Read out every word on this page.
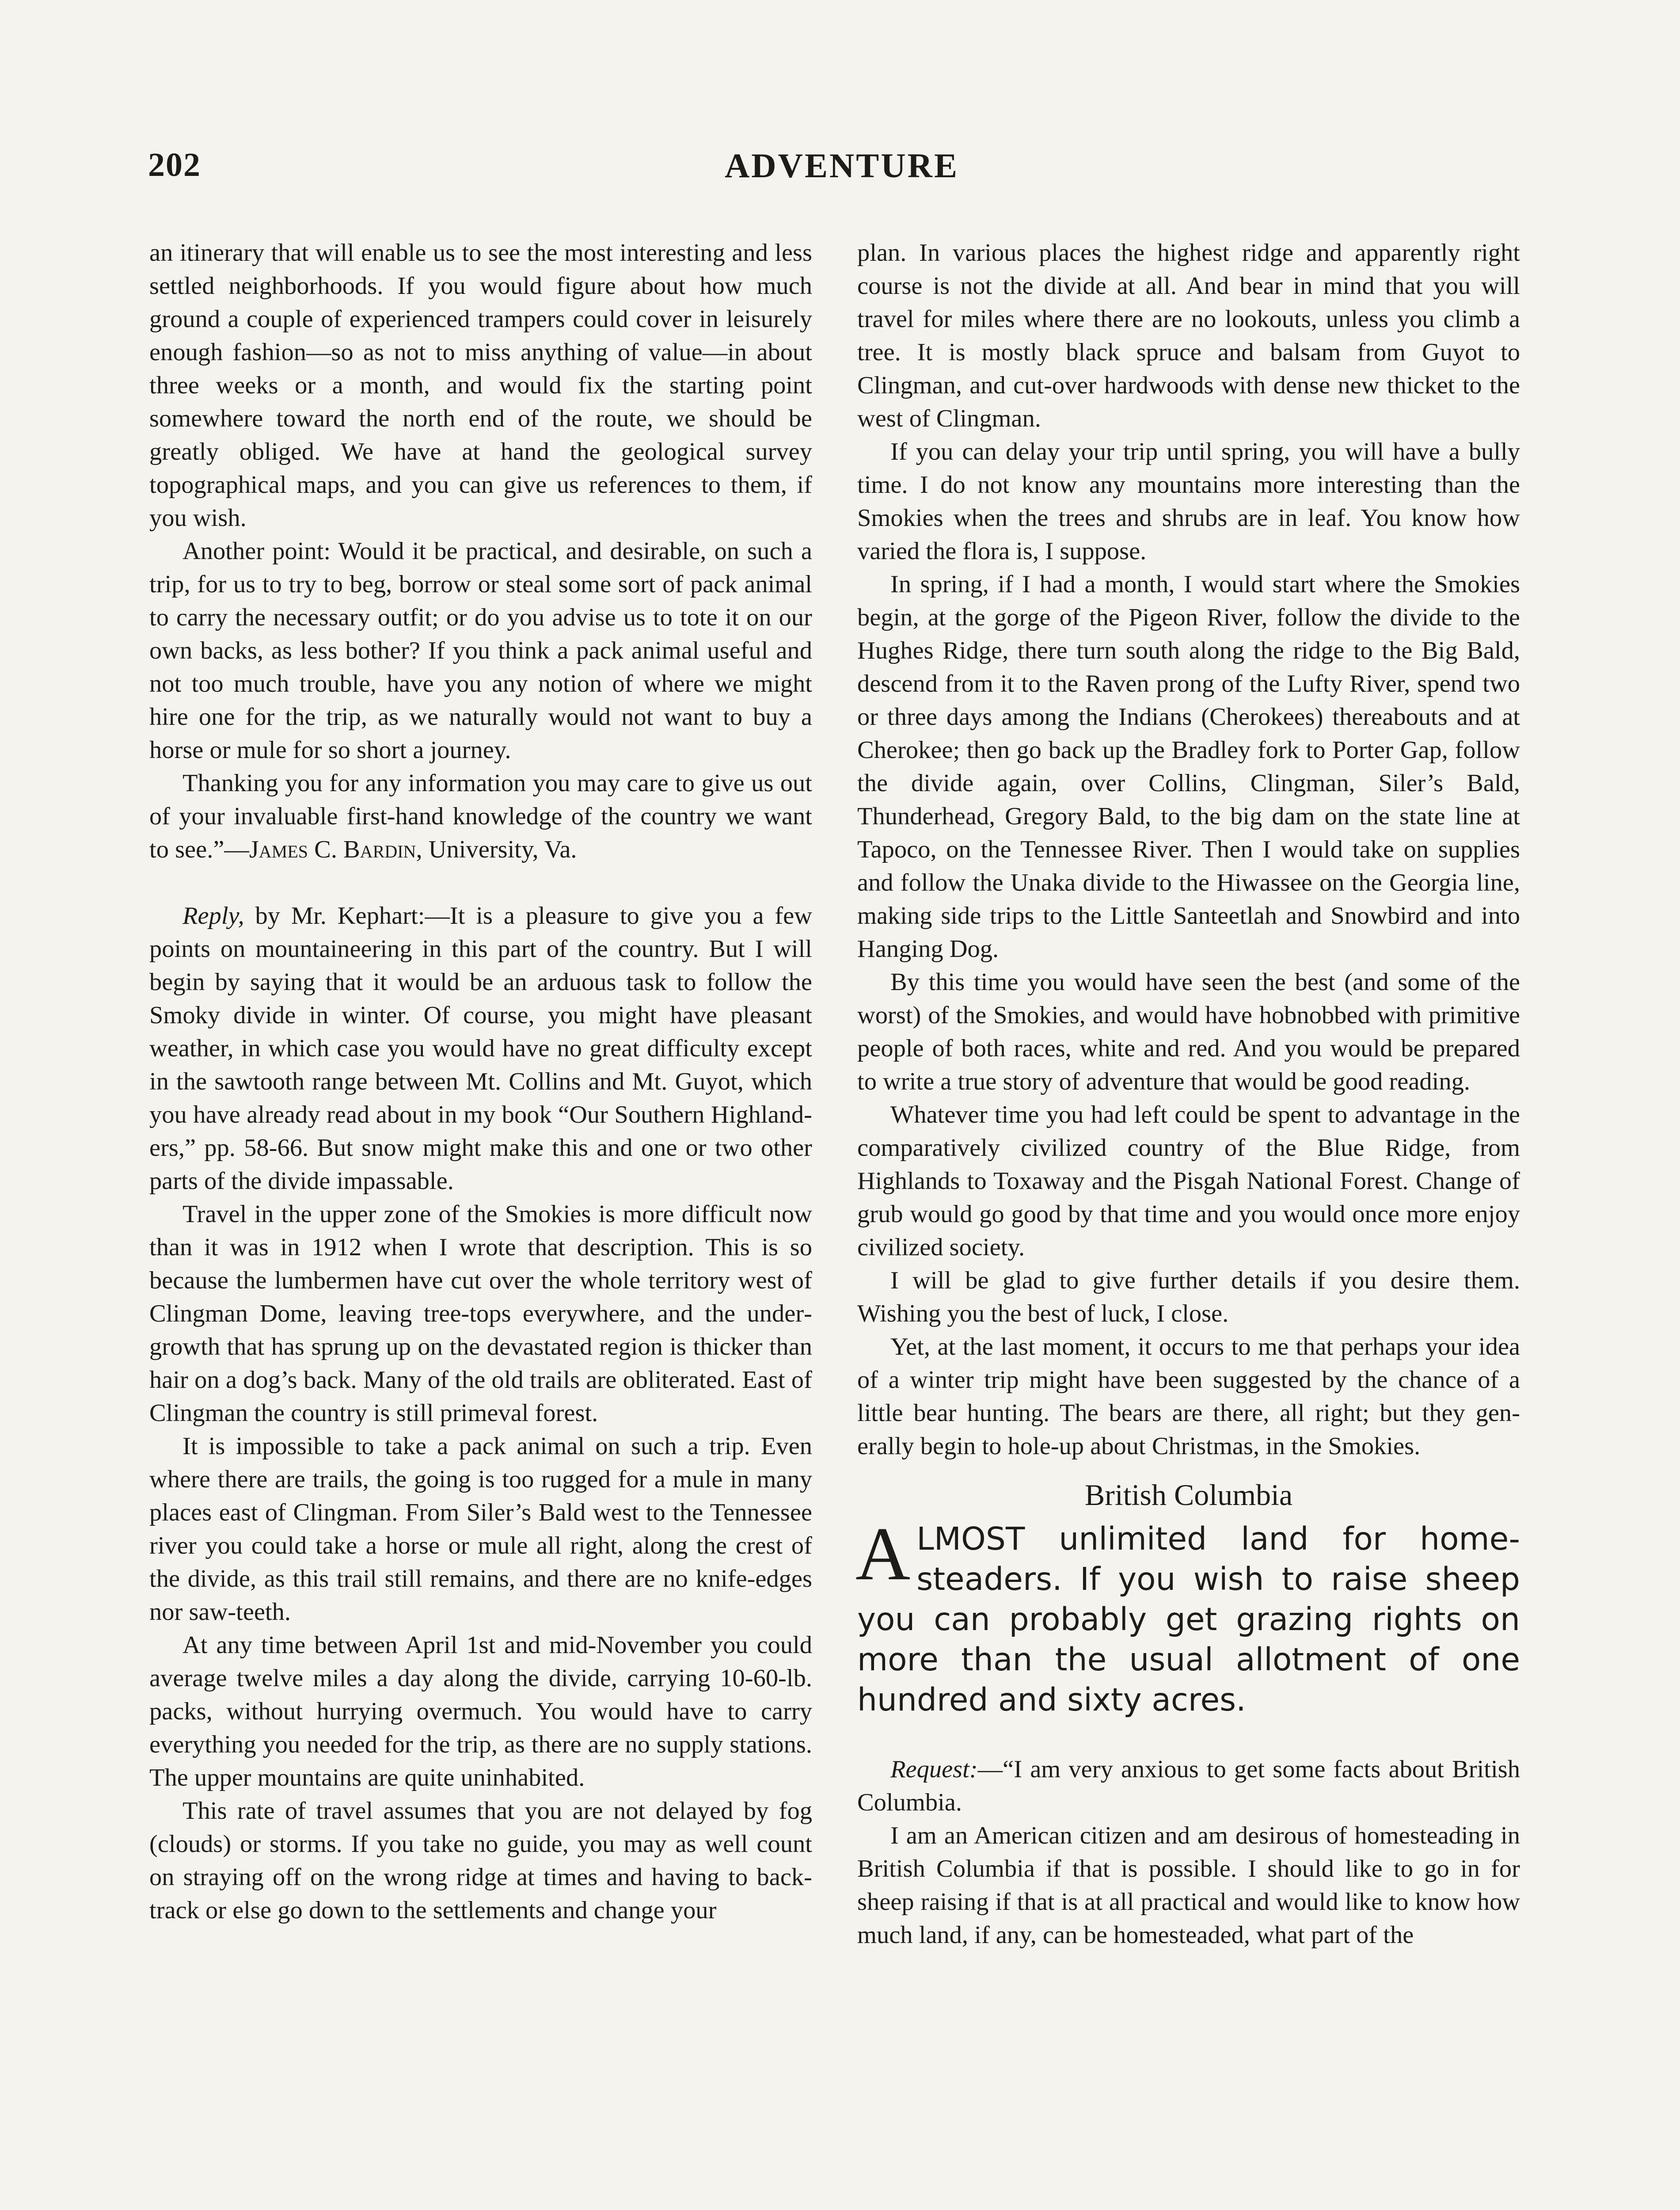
202	ADVENTURE

an itinerary that will enable us to see the most interesting and less settled neighborhoods. If you would figure about how much ground a couple of experienced trampers could cover in leisurely enough fashion—so as not to miss anything of value—in about three weeks or a month, and would fix the starting point somewhere toward the north end of the route, we should be greatly obliged. We have at hand the geological survey topographical maps, and you can give us references to them, if you wish.

Another point: Would it be practical, and desirable, on such a trip, for us to try to beg, borrow or steal some sort of pack animal to carry the necessary outfit; or do you advise us to tote it on our own backs, as less bother? If you think a pack animal useful and not too much trouble, have you any notion of where we might hire one for the trip, as we naturally would not want to buy a horse or mule for so short a journey.

Thanking you for any information you may care to give us out of your invaluable first-hand knowledge of the country we want to see.”—James C. Bardin, University, Va.

Reply, by Mr. Kephart:—It is a pleasure to give you a few points on mountaineering in this part of the country. But I will begin by saying that it would be an arduous task to follow the Smoky divide in winter. Of course, you might have pleasant weather, in which case you would have no great difficulty except in the sawtooth range between Mt. Collins and Mt. Guyot, which you have already read about in my book “Our Southern Highlanders,” pp. 58-66. But snow might make this and one or two other parts of the divide impassable.

Travel in the upper zone of the Smokies is more difficult now than it was in 1912 when I wrote that description. This is so because the lumbermen have cut over the whole territory west of Clingman Dome, leaving tree-tops everywhere, and the undergrowth that has sprung up on the devastated region is thicker than hair on a dog’s back. Many of the old trails are obliterated. East of Clingman the country is still primeval forest.

It is impossible to take a pack animal on such a trip. Even where there are trails, the going is too rugged for a mule in many places east of Clingman. From Siler’s Bald west to the Tennessee river you could take a horse or mule all right, along the crest of the divide, as this trail still remains, and there are no knife-edges nor saw-teeth.

At any time between April 1st and mid-November you could average twelve miles a day along the divide, carrying 10-60-lb. packs, without hurrying overmuch. You would have to carry everything you needed for the trip, as there are no supply stations. The upper mountains are quite uninhabited.

This rate of travel assumes that you are not delayed by fog (clouds) or storms. If you take no guide, you may as well count on straying off on the wrong ridge at times and having to back-track or else go down to the settlements and change your

plan. In various places the highest ridge and apparently right course is not the divide at all. And bear in mind that you will travel for miles where there are no lookouts, unless you climb a tree. It is mostly black spruce and balsam from Guyot to Clingman, and cut-over hardwoods with dense new thicket to the west of Clingman.

If you can delay your trip until spring, you will have a bully time. I do not know any mountains more interesting than the Smokies when the trees and shrubs are in leaf. You know how varied the flora is, I suppose.

In spring, if I had a month, I would start where the Smokies begin, at the gorge of the Pigeon River, follow the divide to the Hughes Ridge, there turn south along the ridge to the Big Bald, descend from it to the Raven prong of the Lufty River, spend two or three days among the Indians (Cherokees) thereabouts and at Cherokee; then go back up the Bradley fork to Porter Gap, follow the divide again, over Collins, Clingman, Siler’s Bald, Thunderhead, Gregory Bald, to the big dam on the state line at Tapoco, on the Tennessee River. Then I would take on supplies and follow the Unaka divide to the Hiwassee on the Georgia line, making side trips to the Little Santeetlah and Snowbird and into Hanging Dog.

By this time you would have seen the best (and some of the worst) of the Smokies, and would have hobnobbed with primitive people of both races, white and red. And you would be prepared to write a true story of adventure that would be good reading.

Whatever time you had left could be spent to advantage in the comparatively civilized country of the Blue Ridge, from Highlands to Toxaway and the Pisgah National Forest. Change of grub would go good by that time and you would once more enjoy civilized society.

I will be glad to give further details if you desire them. Wishing you the best of luck, I close.

Yet, at the last moment, it occurs to me that perhaps your idea of a winter trip might have been suggested by the chance of a little bear hunting. The bears are there, all right; but they generally begin to hole-up about Christmas, in the Smokies.

British Columbia
ALMOST unlimited land for homesteaders. If you wish to raise sheep you can probably get grazing rights on more than the usual allotment of one hundred and sixty acres.

Request:—“I am very anxious to get some facts about British Columbia.

I am an American citizen and am desirous of homesteading in British Columbia if that is possible. I should like to go in for sheep raising if that is at all practical and would like to know how much land, if any, can be homesteaded, what part of the
